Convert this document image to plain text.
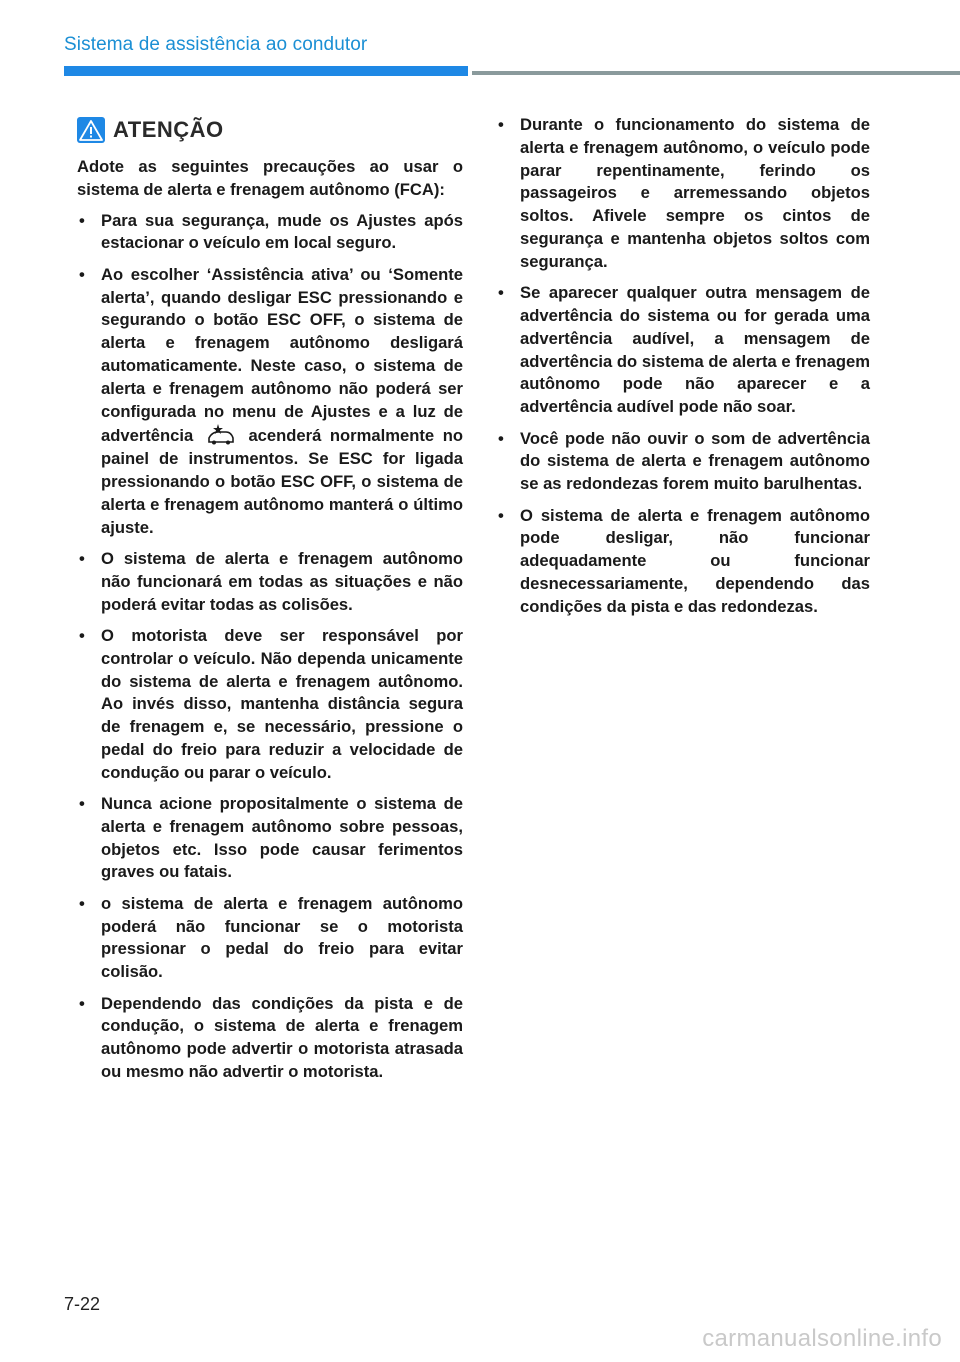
Sistema de assistência ao condutor
ATENÇÃO

Adote as seguintes precauções ao usar o sistema de alerta e frenagem autônomo (FCA):

• Para sua segurança, mude os Ajustes após estacionar o veículo em local seguro.
• Ao escolher ‘Assistência ativa’ ou ‘Somente alerta’, quando desligar ESC pressionando e segurando o botão ESC OFF, o sistema de alerta e frenagem autônomo desligará automaticamente. Neste caso, o sistema de alerta e frenagem autônomo não poderá ser configurada no menu de Ajustes e a luz de advertência	acenderá normalmente no painel de instrumentos. Se ESC for ligada pressionando o botão ESC OFF, o sistema de alerta e frenagem autônomo manterá o último ajuste.
• O sistema de alerta e frenagem autônomo não funcionará em todas as situações e não poderá evitar todas as colisões.
• O motorista deve ser responsável por controlar o veículo. Não dependa unicamente do sistema de alerta e frenagem autônomo. Ao invés disso, mantenha distância segura de frenagem e, se necessário, pressione o pedal do freio para reduzir a velocidade de condução ou parar o veículo.
• Nunca acione propositalmente o sistema de alerta e frenagem autônomo sobre pessoas, objetos etc. Isso pode causar ferimentos graves ou fatais.
• o sistema de alerta e frenagem autônomo poderá não funcionar se o motorista pressionar o pedal do freio para evitar colisão.
• Dependendo das condições da pista e de condução, o sistema de alerta e frenagem autônomo pode advertir o motorista atrasada ou mesmo não advertir o motorista.
• Durante o funcionamento do sistema de alerta e frenagem autônomo, o veículo pode parar repentinamente, ferindo os passageiros e arremessando objetos soltos. Afivele sempre os cintos de segurança e mantenha objetos soltos com segurança.
• Se aparecer qualquer outra mensagem de advertência do sistema ou for gerada uma advertência audível, a mensagem de advertência do sistema de alerta e frenagem autônomo pode não aparecer e a advertência audível pode não soar.
• Você pode não ouvir o som de advertência do sistema de alerta e frenagem autônomo se as redondezas forem muito barulhentas.
• O sistema de alerta e frenagem autônomo pode desligar, não funcionar adequadamente ou funcionar desnecessariamente, dependendo das condições da pista e das redondezas.
7-22
carmanualsonline.info
